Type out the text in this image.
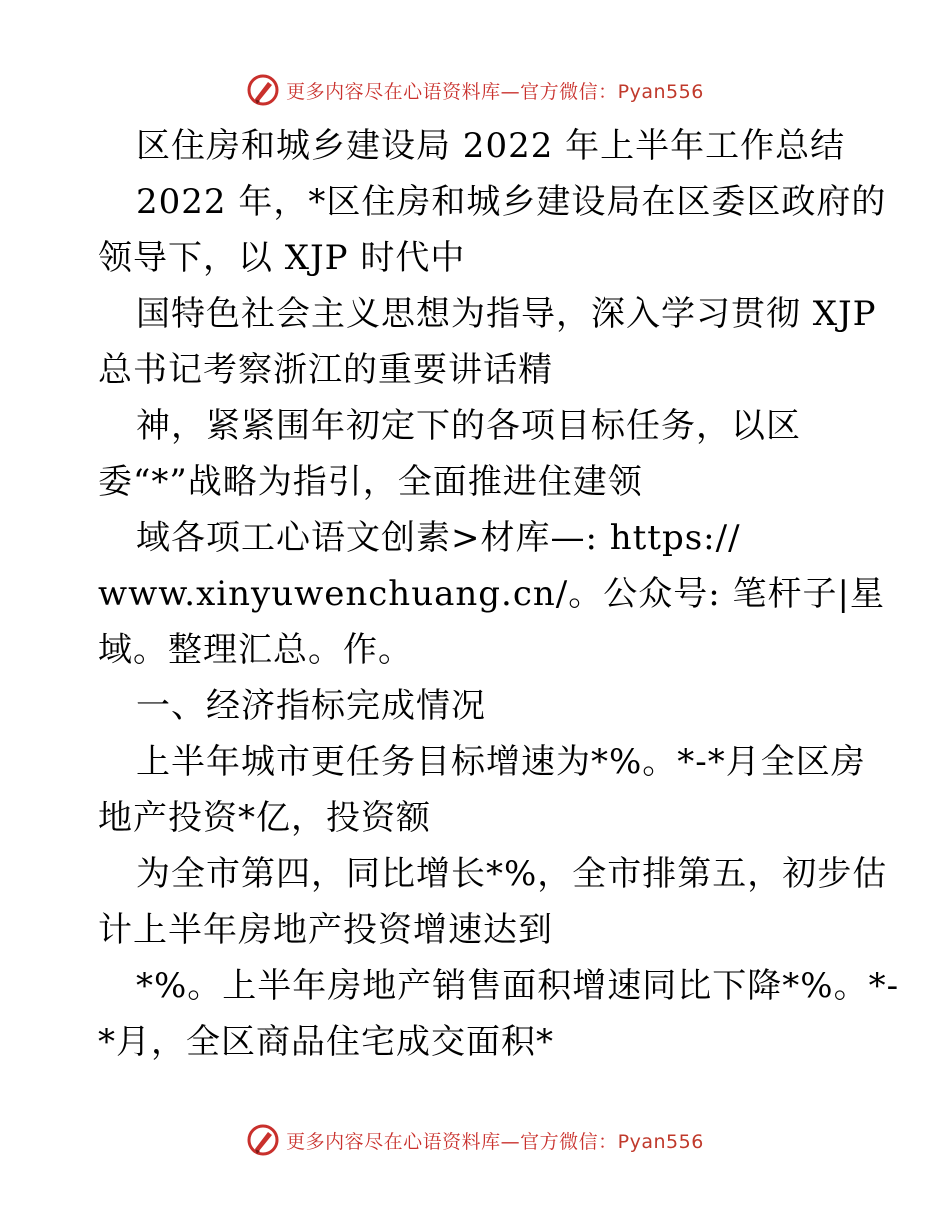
更多内容尽在心语资料库—官方微信：Pyan556
区住房和城乡建设局 2022 年上半年工作总结
2022 年，*区住房和城乡建设局在区委区政府的
领导下，以 XJP 时代中
国特色社会主义思想为指导，深入学习贯彻 XJP
总书记考察浙江的重要讲话精
神，紧紧围年初定下的各项目标任务，以区
委“*”战略为指引，全面推进住建领
域各项工心语文创素>材库—: https://
www.xinyuwenchuang.cn/。公众号: 笔杆子|星
域。整理汇总。作。
一、经济指标完成情况
上半年城市更任务目标增速为*%。*-*月全区房
地产投资*亿，投资额
为全市第四，同比增长*%，全市排第五，初步估
计上半年房地产投资增速达到
*%。上半年房地产销售面积增速同比下降*%。*-
*月，全区商品住宅成交面积*
更多内容尽在心语资料库—官方微信：Pyan556
